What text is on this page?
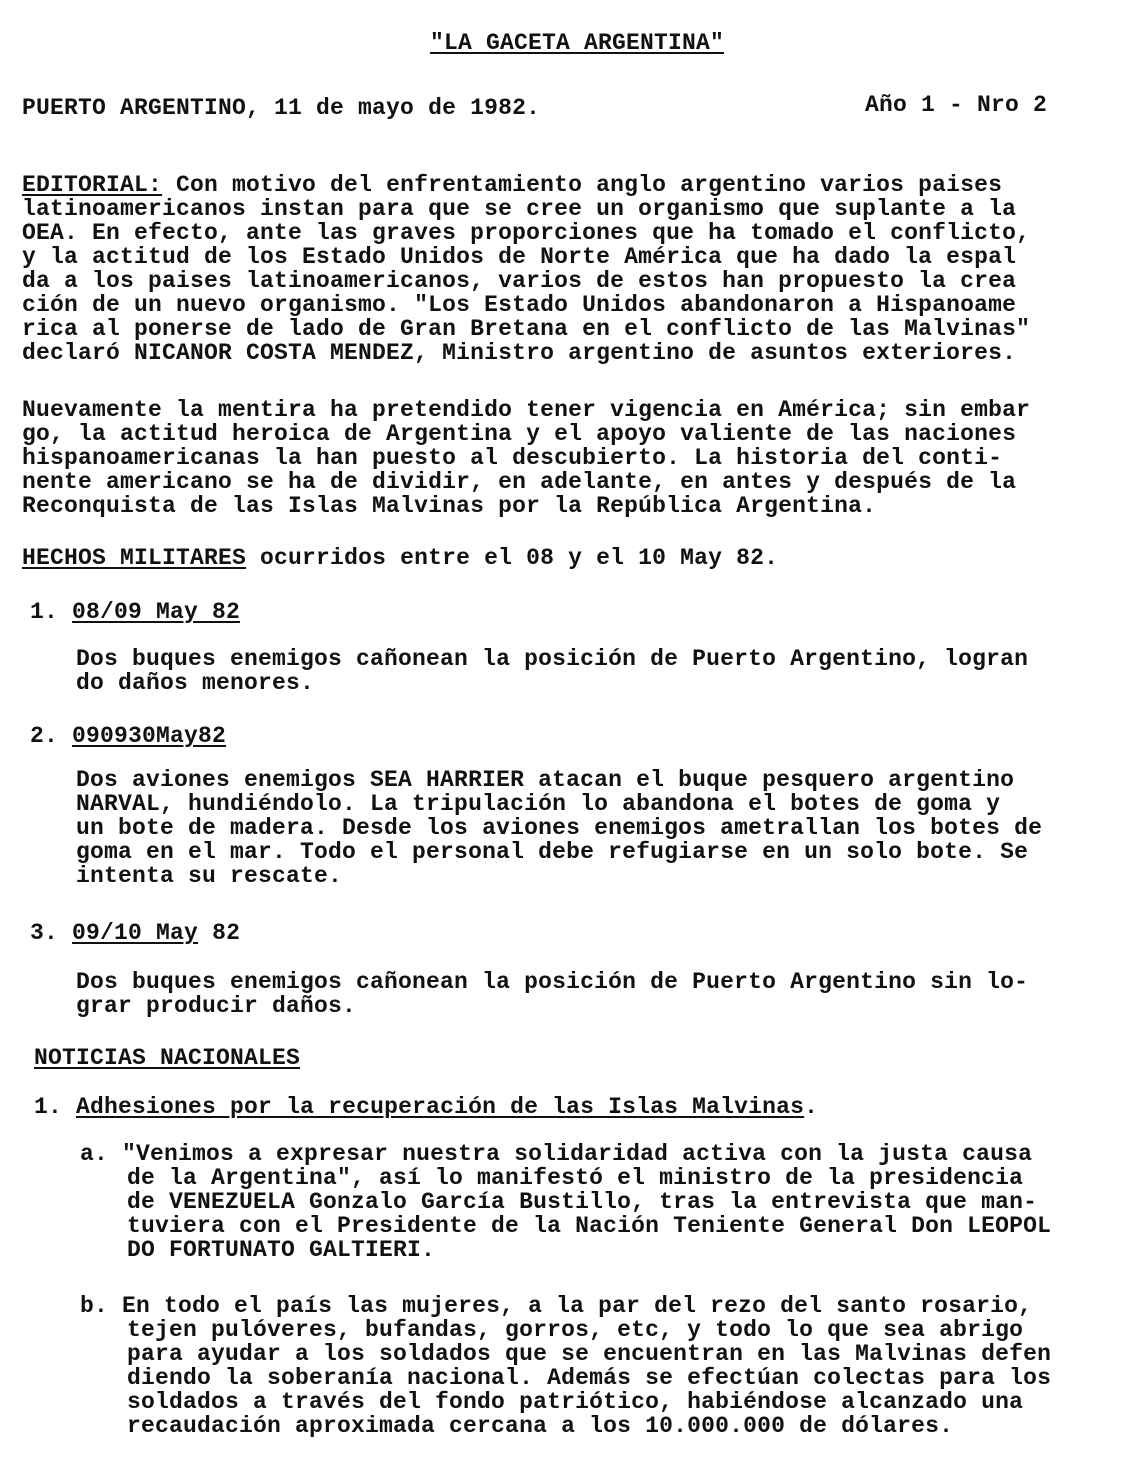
"LA GACETA ARGENTINA"
PUERTO ARGENTINO, 11 de mayo de 1982.	Año 1 - Nro 2
EDITORIAL: Con motivo del enfrentamiento anglo argentino varios paises
latinoamericanos instan para que se cree un organismo que suplante a la
OEA. En efecto, ante las graves proporciones que ha tomado el conflicto,
y la actitud de los Estado Unidos de Norte América que ha dado la espal
da a los paises latinoamericanos, varios de estos han propuesto la crea
ción de un nuevo organismo. "Los Estado Unidos abandonaron a Hispanoame
rica al ponerse de lado de Gran Bretana en el conflicto de las Malvinas"
declaró NICANOR COSTA MENDEZ, Ministro argentino de asuntos exteriores.
Nuevamente la mentira ha pretendido tener vigencia en América; sin embar
go, la actitud heroica de Argentina y el apoyo valiente de las naciones
hispanoamericanas la han puesto al descubierto. La historia del conti-
nente americano se ha de dividir, en adelante, en antes y después de la
Reconquista de las Islas Malvinas por la República Argentina.
HECHOS MILITARES ocurridos entre el 08 y el 10 May 82.
1. 08/09 May 82
Dos buques enemigos cañonean la posición de Puerto Argentino, logran
do daños menores.
2. 090930May82
Dos aviones enemigos SEA HARRIER atacan el buque pesquero argentino
NARVAL, hundiéndolo. La tripulación lo abandona el botes de goma y
un bote de madera. Desde los aviones enemigos ametrallan los botes de
goma en el mar. Todo el personal debe refugiarse en un solo bote. Se
intenta su rescate.
3. 09/10 May 82
Dos buques enemigos cañonean la posición de Puerto Argentino sin lo-
grar producir daños.
NOTICIAS NACIONALES
1. Adhesiones por la recuperación de las Islas Malvinas.
a. "Venimos a expresar nuestra solidaridad activa con la justa causa
de la Argentina", así lo manifestó el ministro de la presidencia
de VENEZUELA Gonzalo García Bustillo, tras la entrevista que man-
tuviera con el Presidente de la Nación Teniente General Don LEOPOL
DO FORTUNATO GALTIERI.
b. En todo el país las mujeres, a la par del rezo del santo rosario,
tejen pulóveres, bufandas, gorros, etc, y todo lo que sea abrigo
para ayudar a los soldados que se encuentran en las Malvinas defen
diendo la soberanía nacional. Además se efectúan colectas para los
soldados a través del fondo patriótico, habiéndose alcanzado una
recaudación aproximada cercana a los 10.000.000 de dólares.
